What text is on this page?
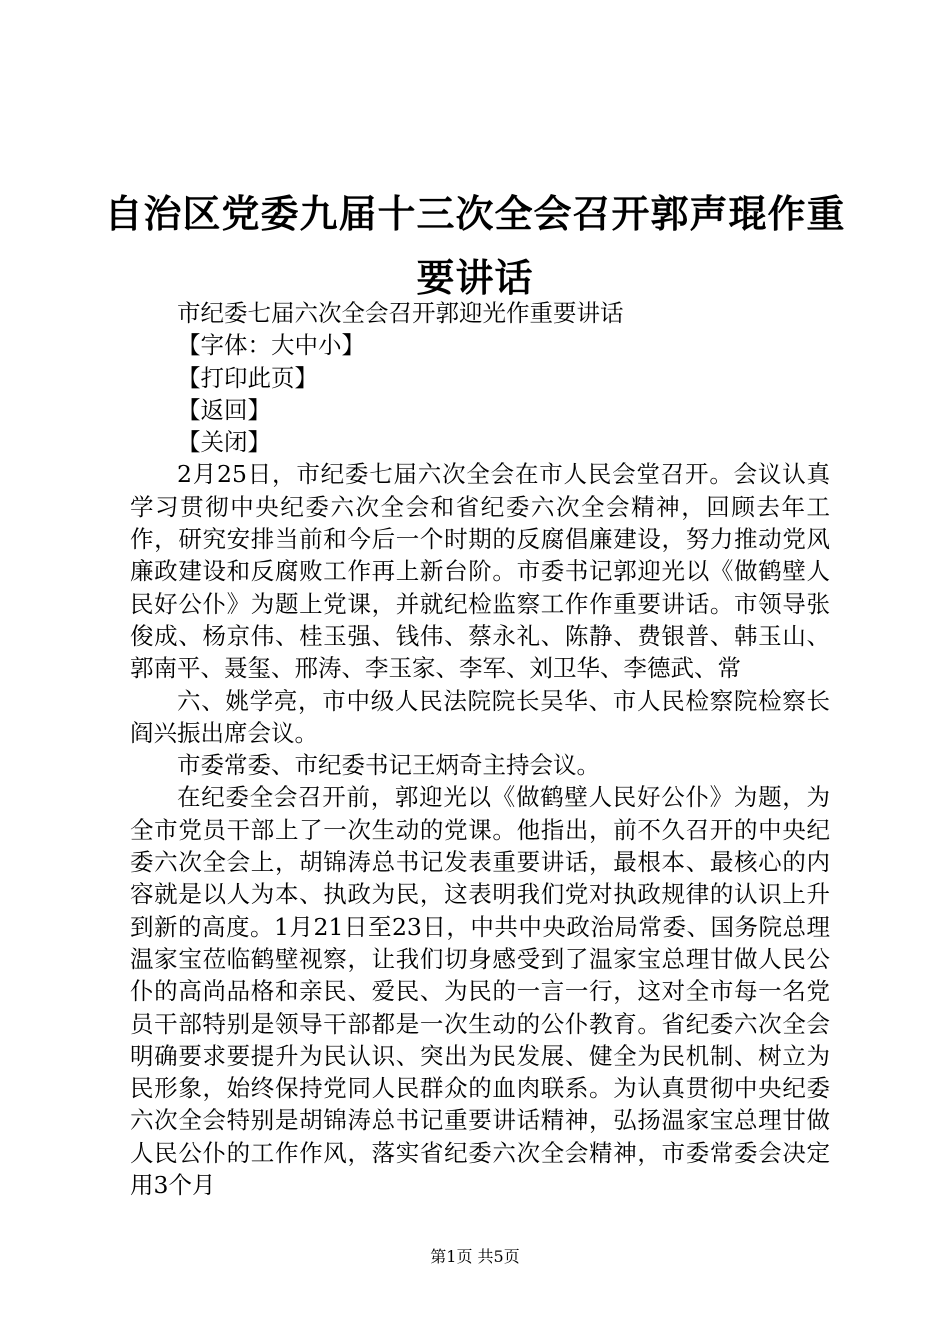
自治区党委九届十三次全会召开郭声琨作重要讲话

市纪委七届六次全会召开郭迎光作重要讲话

【字体：大中小】

【打印此页】

【返回】

【关闭】

2月25日，市纪委七届六次全会在市人民会堂召开。会议认真学习贯彻中央纪委六次全会和省纪委六次全会精神，回顾去年工作，研究安排当前和今后一个时期的反腐倡廉建设，努力推动党风廉政建设和反腐败工作再上新台阶。市委书记郭迎光以《做鹤壁人民好公仆》为题上党课，并就纪检监察工作作重要讲话。市领导张俊成、杨京伟、桂玉强、钱伟、蔡永礼、陈静、费银普、韩玉山、郭南平、聂玺、邢涛、李玉家、李军、刘卫华、李德武、常

六、姚学亮，市中级人民法院院长吴华、市人民检察院检察长阎兴振出席会议。

市委常委、市纪委书记王炳奇主持会议。

在纪委全会召开前，郭迎光以《做鹤壁人民好公仆》为题，为全市党员干部上了一次生动的党课。他指出，前不久召开的中央纪委六次全会上，胡锦涛总书记发表重要讲话，最根本、最核心的内容就是以人为本、执政为民，这表明我们党对执政规律的认识上升到新的高度。1月21日至23日，中共中央政治局常委、国务院总理温家宝莅临鹤壁视察，让我们切身感受到了温家宝总理甘做人民公仆的高尚品格和亲民、爱民、为民的一言一行，这对全市每一名党员干部特别是领导干部都是一次生动的公仆教育。省纪委六次全会明确要求要提升为民认识、突出为民发展、健全为民机制、树立为民形象，始终保持党同人民群众的血肉联系。为认真贯彻中央纪委六次全会特别是胡锦涛总书记重要讲话精神，弘扬温家宝总理甘做人民公仆的工作作风，落实省纪委六次全会精神，市委常委会决定用3个月

第1页 共5页
